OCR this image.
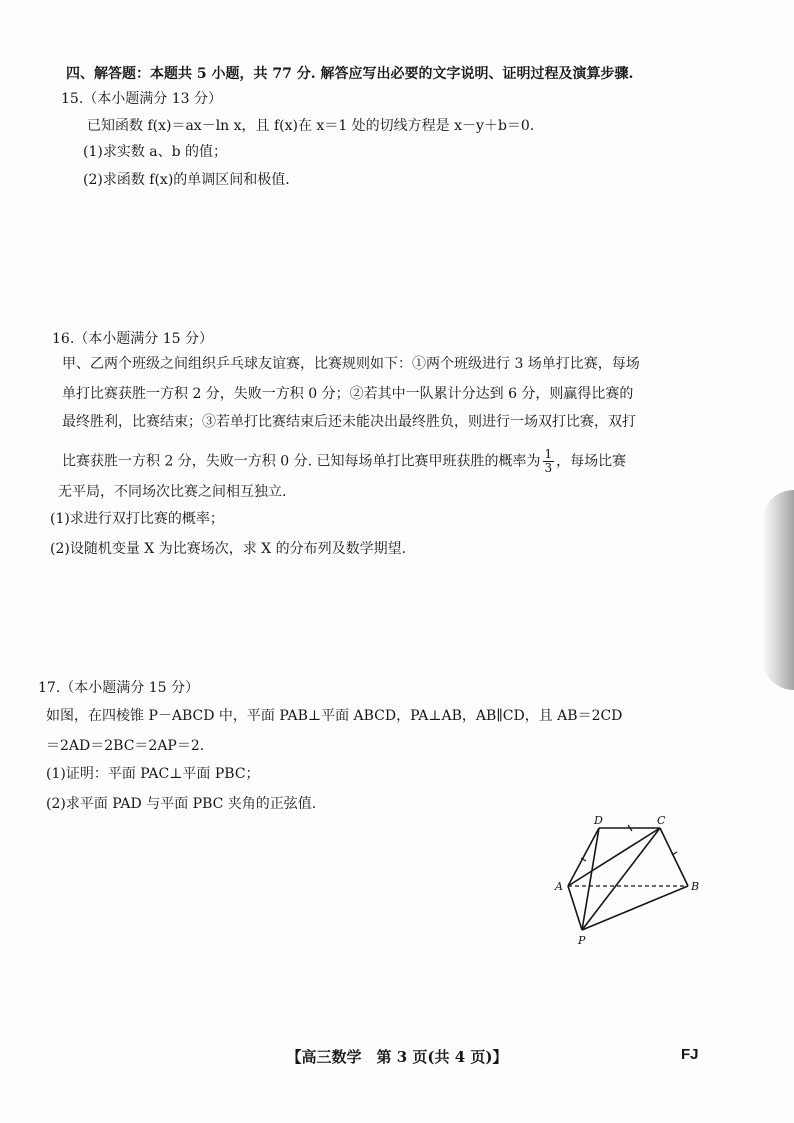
四、解答题：本题共 5 小题，共 77 分. 解答应写出必要的文字说明、证明过程及演算步骤.
15.（本小题满分 13 分）
已知函数 f(x)＝ax－ln x，且 f(x)在 x＝1 处的切线方程是 x－y＋b＝0.
(1)求实数 a、b 的值；
(2)求函数 f(x)的单调区间和极值.
16.（本小题满分 15 分）
甲、乙两个班级之间组织乒乓球友谊赛，比赛规则如下：①两个班级进行 3 场单打比赛，每场
单打比赛获胜一方积 2 分，失败一方积 0 分；②若其中一队累计分达到 6 分，则赢得比赛的
最终胜利，比赛结束；③若单打比赛结束后还未能决出最终胜负，则进行一场双打比赛，双打
比赛获胜一方积 2 分，失败一方积 0 分. 已知每场单打比赛甲班获胜的概率为 $\frac{1}{3}$ ，每场比赛
无平局，不同场次比赛之间相互独立.
(1)求进行双打比赛的概率；
(2)设随机变量 X 为比赛场次，求 X 的分布列及数学期望.
17.（本小题满分 15 分）
如图，在四棱锥 P－ABCD 中，平面 PAB⊥平面 ABCD，PA⊥AB，AB∥CD，且 AB＝2CD
＝2AD＝2BC＝2AP＝2.
(1)证明：平面 PAC⊥平面 PBC；
(2)求平面 PAD 与平面 PBC 夹角的正弦值.
D	C
A	B
P
【高三数学　第 3 页(共 4 页)】	FJ
